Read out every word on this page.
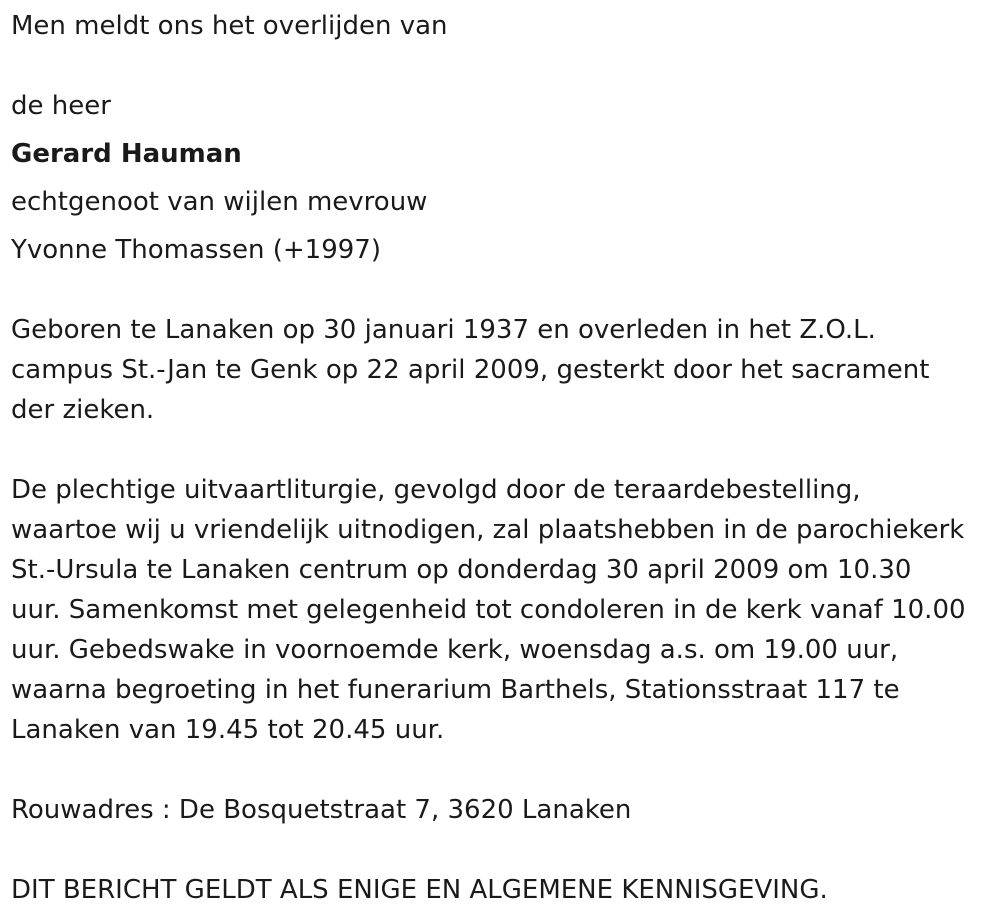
Men meldt ons het overlijden van
de heer
Gerard Hauman
echtgenoot van wijlen mevrouw
Yvonne Thomassen (+1997)
Geboren te Lanaken op 30 januari 1937 en overleden in het Z.O.L.
campus St.-Jan te Genk op 22 april 2009, gesterkt door het sacrament
der zieken.
De plechtige uitvaartliturgie, gevolgd door de teraardebestelling,
waartoe wij u vriendelijk uitnodigen, zal plaatshebben in de parochiekerk
St.-Ursula te Lanaken centrum op donderdag 30 april 2009 om 10.30
uur. Samenkomst met gelegenheid tot condoleren in de kerk vanaf 10.00
uur. Gebedswake in voornoemde kerk, woensdag a.s. om 19.00 uur,
waarna begroeting in het funerarium Barthels, Stationsstraat 117 te
Lanaken van 19.45 tot 20.45 uur.
Rouwadres : De Bosquetstraat 7, 3620 Lanaken
DIT BERICHT GELDT ALS ENIGE EN ALGEMENE KENNISGEVING.
